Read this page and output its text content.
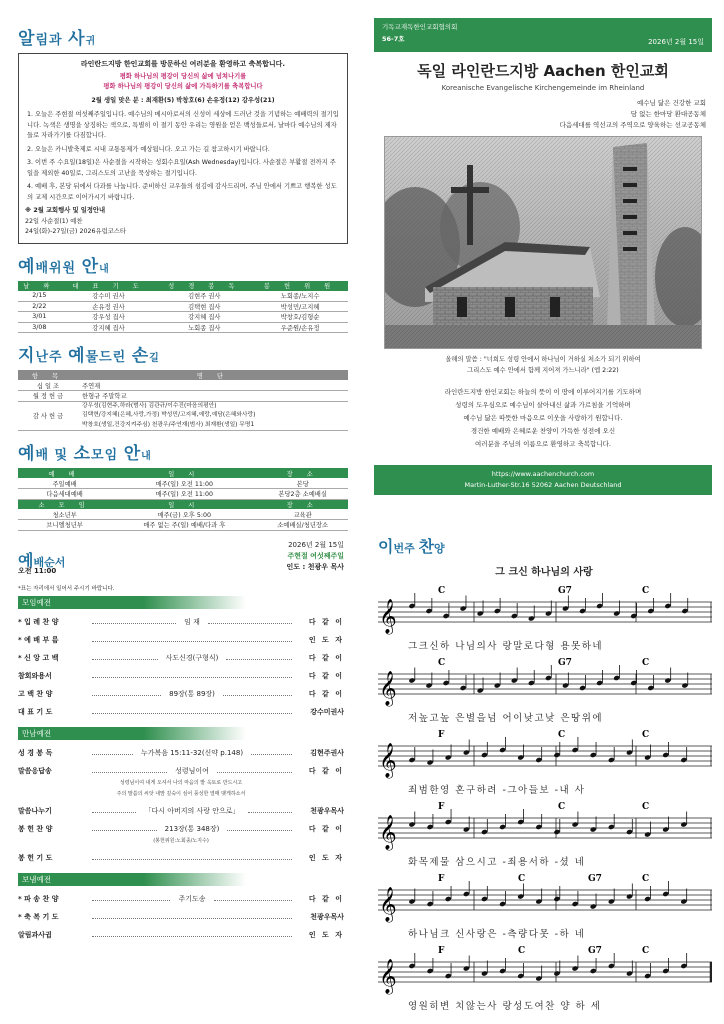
알림과 사귀
라인란드지방 한인교회를 방문하신 여러분을 환영하고 축복합니다.
평화 하나님의 평강이 당신의 삶에 넘쳐나기를
평화 하나님의 평강이 당신의 삶에 가득하기를 축복합니다
2월 생일 맞은 분 : 최재환(5) 박창호(6) 손유정(12) 강우성(21)
1. 오늘은 주현절 여섯째주일입니다. 예수님의 메시아로서의 신성이 세상에 드러난 것을 기념하는 예배력의 절기입니다. 녹색은 생명을 상징하는 색으로, 특별히 이 절기 동안 우리는 영원을 얻은 백성들로서, 날마다 예수님의 제자들로 자라가기를 다짐합니다.
2. 오늘은 카니발축제로 시내 교통통제가 예상됩니다. 오고 가는 길 참고하시기 바랍니다.
3. 이번 주 수요일(18일)은 사순절을 시작하는 성회수요일(Ash Wednesday)입니다. 사순절은 부활절 전까지 주일을 제외한 40일로, 그리스도의 고난을 묵상하는 절기입니다.
4. 예배 후, 본당 뒤에서 다과를 나눕니다. 준비하신 교우들의 섬김에 감사드리며, 주님 안에서 기쁘고 행복한 성도의 교제 시간으로 이어가시기 바랍니다.
※ 2월 교회행사 및 일정안내
22일 사순절(1) 예찬
24일(화)-27일(금) 2026유럽코스타
예배위원 안내
날 짜	대 표 기 도	성 경 봉 독	봉 헌 위 원
2/15	강수미 권사	김현주 권사	노회종/노지수
2/22	손유정 권사	김택현 집사	박성민/고지혜
3/01	강우성 집사	강지혜 집사	박창호/김형순
3/08	강지혜 집사	노회종 집사	우준원/손유정
지난주 예물드린 손길
항 목	명 단
십 일 조	주연재
월 정 헌 금	한형규 주말학교
감 사 헌 금	강우성(김현주,하라(범사) 김관규/이수진(마음의평안)
김택현/강지혜(은혜,사랑,가정) 박성민/고지혜,예랑,예담(은혜와사랑)
박창호(생일,건강지켜주심) 천광우/주연재(범사) 최재환(생일) 무명1
예배 및 소모임 안내
예 배	일 시	장 소
주일예배	매주(일) 오전 11:00	본당
다음세대예배	매주(일) 오전 11:00	본당2층 소예배실
소 모 임	일 시	장 소
청소년부	매주(금) 오후 5:00	교육관
브니엘청년부	매주 없는 주(일) 예배/다과 후	소예배실/청년장소
기독교재독한인교회협의회
56-7호	2026년 2월 15일
독일 라인란드지방 Aachen 한인교회
Koreanische Evangelische Kirchengemeinde im Rheinland
예수님 닮은 건강한 교회
담 없는 한마당 환대공동체
다음세대를 역선교의 주역으로 양육하는 선교공동체
올해의 말씀 : "너희도 성령 안에서 하나님이 거하실 처소가 되기 위하여
그리스도 예수 안에서 함께 지어져 가느니라" (엡 2:22)
라인란드지방 한인교회는 하늘의 뜻이 이 땅에 이루어지기를 기도하며
성령의 도우심으로 예수님이 살아내신 삶과 가르침을 기억하며
예수님 닮은 따뜻한 마음으로 이웃을 사랑하기 원합니다.
경건한 예배와 은혜로운 찬양이 가득한 성전에 오신
여러분을 주님의 이름으로 환영하고 축복합니다.
https://www.aachenchurch.com
Martin-Luther-Str.16 52062 Aachen Deutschland
예배순서
오전 11:00
2026년 2월 15일
주현절 여섯째주일
인도 : 천광우 목사
*표는 자리에서 일어서 주시기 바랍니다.
모임예전
* 입 례 찬 양	임 재	다 같 이
* 예 배 부 름	인 도 자
* 신 앙 고 백	사도신경(구형식)	다 같 이
참회와용서	다 같 이
고 백 찬 양	89장(통 89장)	다 같 이
대 표 기 도	강수미권사
만남예전
성 경 봉 독	누가복음 15:11-32(신약 p.148)	김현주권사
말씀응답송	성령님이여	다 같 이
성령님이여 내게 오셔서 나의 마음의 밭 옥토로 만드시고
주의 말씀의 씨앗 내맘 깊숙이 심어 풍성한 열매 맺게하소서
말씀나누기	「다시 아버지의 사랑 안으로」	천광우목사
봉 헌 찬 양	213장(통 348장)	다 같 이
(봉헌위원:노회종/노지수)
봉 헌 기 도	인 도 자
보냄예전
* 파 송 찬 양	주기도송	다 같 이
* 축 복 기 도	천광우목사
알림과사귐	인 도 자
이번주 찬양
그 크신 하나님의 사랑
𝄞
C	G7	C
그크신하 나님의사 랑말로다형 용못하네
𝄞
C	G7	C
저높고높 은별을넘 어이낮고낮 은땅위에
𝄞
F	C	C
죄범한영 혼구하려 -그아들보 -내 사
𝄞
F	C	C
화목제물 삼으시고 -죄용서하 -셨 네
𝄞
F	C	G7	C
하나님크 신사랑은 -측량다못 -하 네
𝄞
F	C	G7	C
영원히변 치않는사 랑성도여찬 양 하 세
